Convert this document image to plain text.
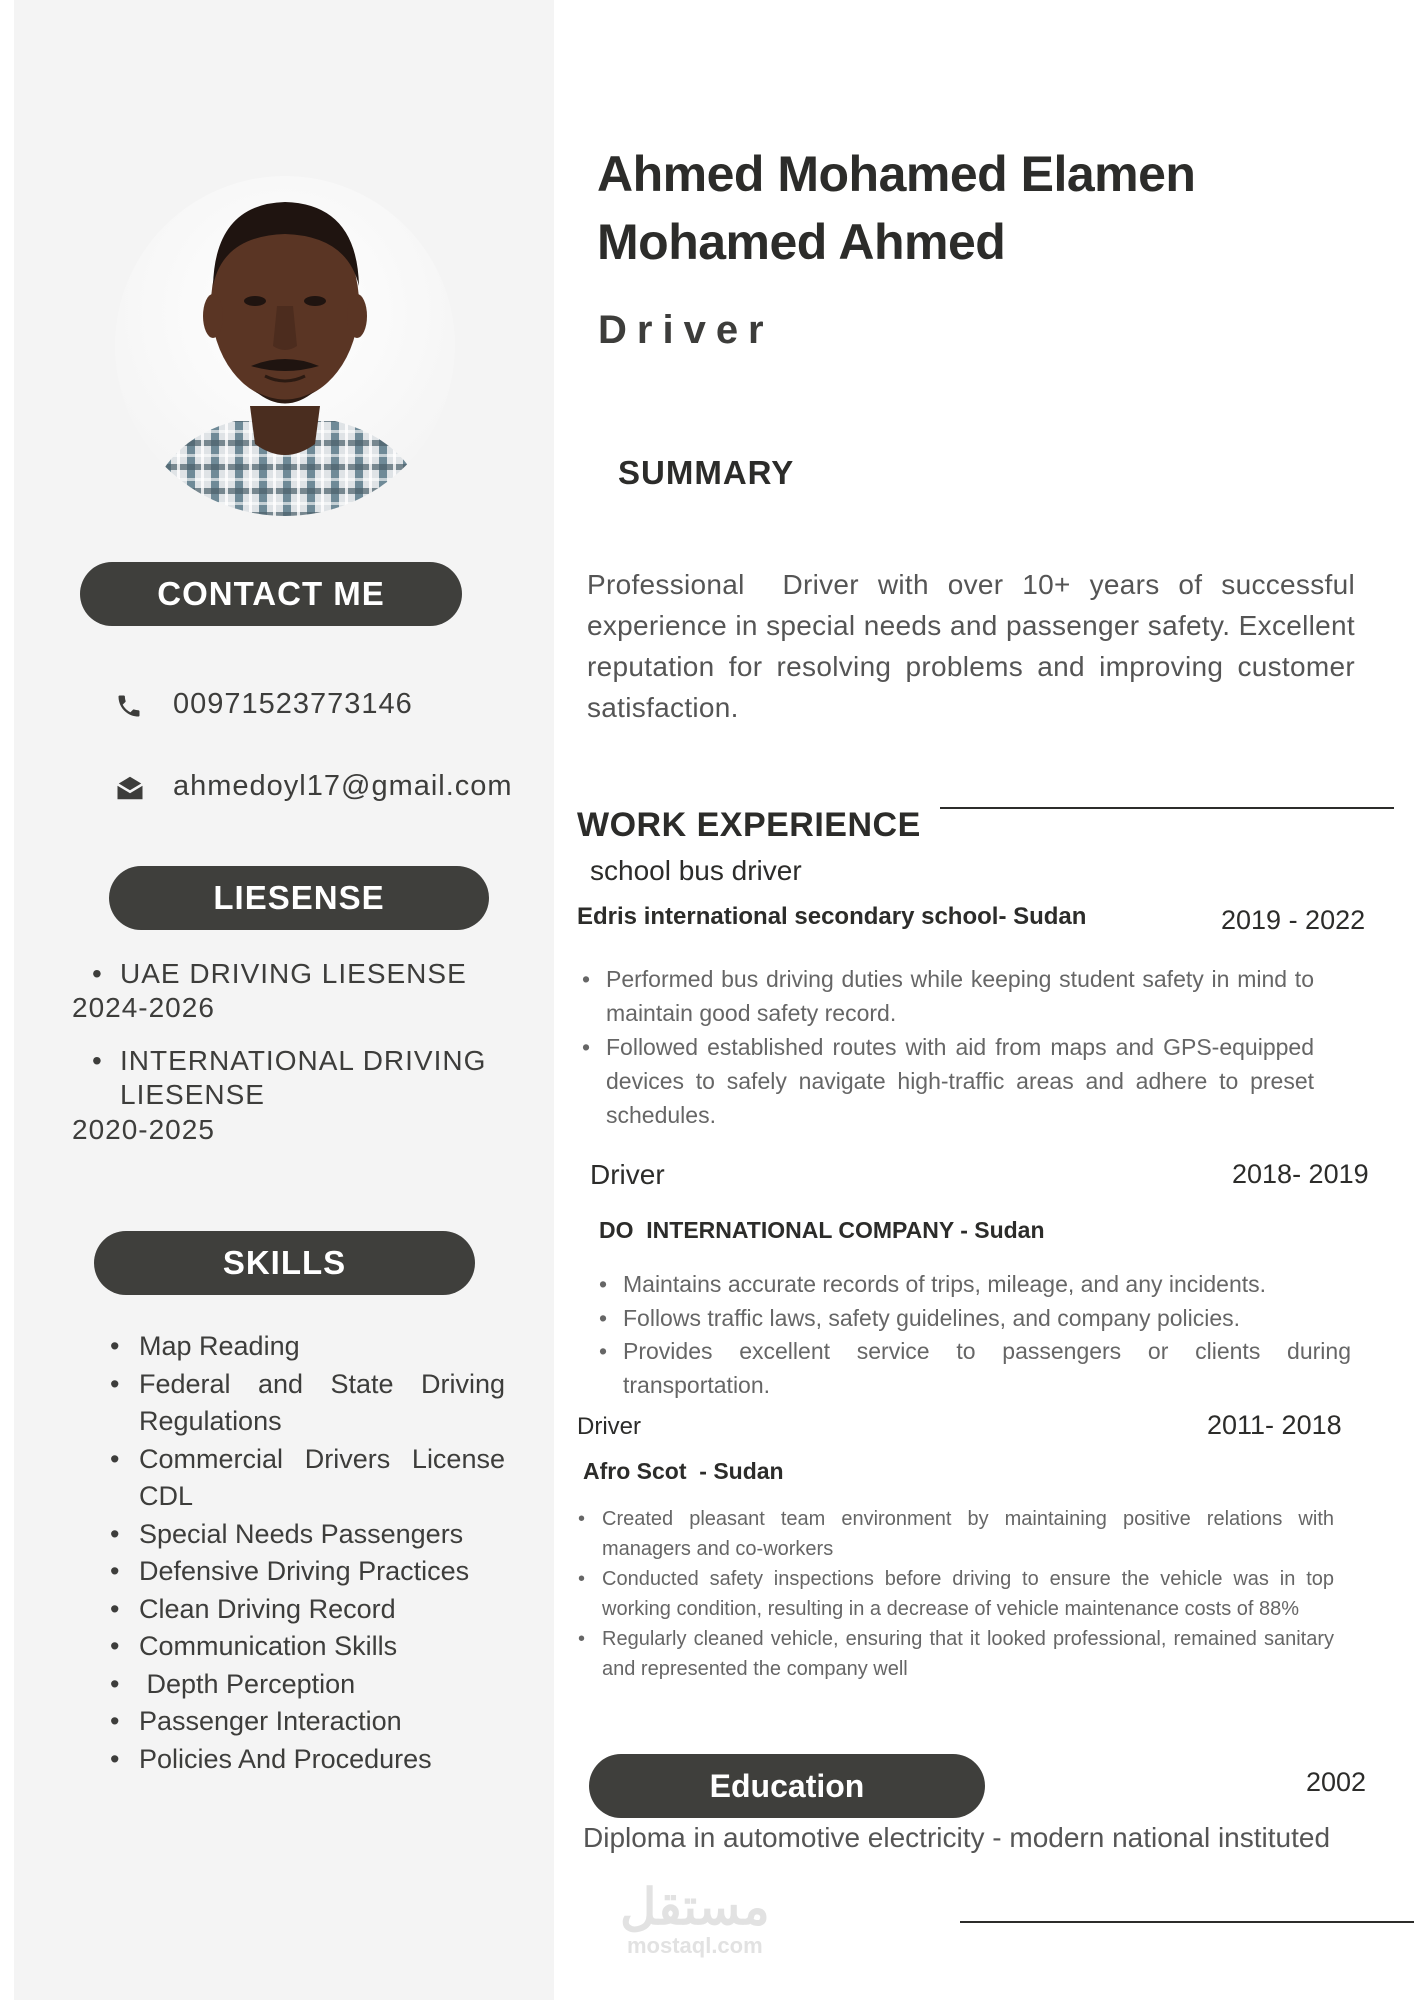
CONTACT ME
00971523773146
ahmedoyl17@gmail.com
LIESENSE
• UAE DRIVING LIESENSE
2024-2026
• INTERNATIONAL DRIVING
LIESENSE
2020-2025
SKILLS
• Map Reading
• Federal and State Driving Regulations
• Commercial Drivers License CDL
• Special Needs Passengers
• Defensive Driving Practices
• Clean Driving Record
• Communication Skills
•  Depth Perception
• Passenger Interaction
• Policies And Procedures
Ahmed Mohamed Elamen
Mohamed Ahmed
Driver
SUMMARY
Professional  Driver with over 10+ years of successful experience in special needs and passenger safety. Excellent reputation for resolving problems and improving customer satisfaction.
WORK EXPERIENCE
school bus driver
Edris international secondary school- Sudan	2019 - 2022
• Performed bus driving duties while keeping student safety in mind to maintain good safety record.
• Followed established routes with aid from maps and GPS-equipped devices to safely navigate high-traffic areas and adhere to preset schedules.
Driver	2018- 2019
DO  INTERNATIONAL COMPANY - Sudan
• Maintains accurate records of trips, mileage, and any incidents.
• Follows traffic laws, safety guidelines, and company policies.
• Provides excellent service to passengers or clients during transportation.
Driver	2011- 2018
Afro Scot  - Sudan
• Created pleasant team environment by maintaining positive relations with managers and co-workers
• Conducted safety inspections before driving to ensure the vehicle was in top working condition, resulting in a decrease of vehicle maintenance costs of 88%
• Regularly cleaned vehicle, ensuring that it looked professional, remained sanitary and represented the company well
Education	2002
Diploma in automotive electricity - modern national instituted
مستقل
mostaql.com
